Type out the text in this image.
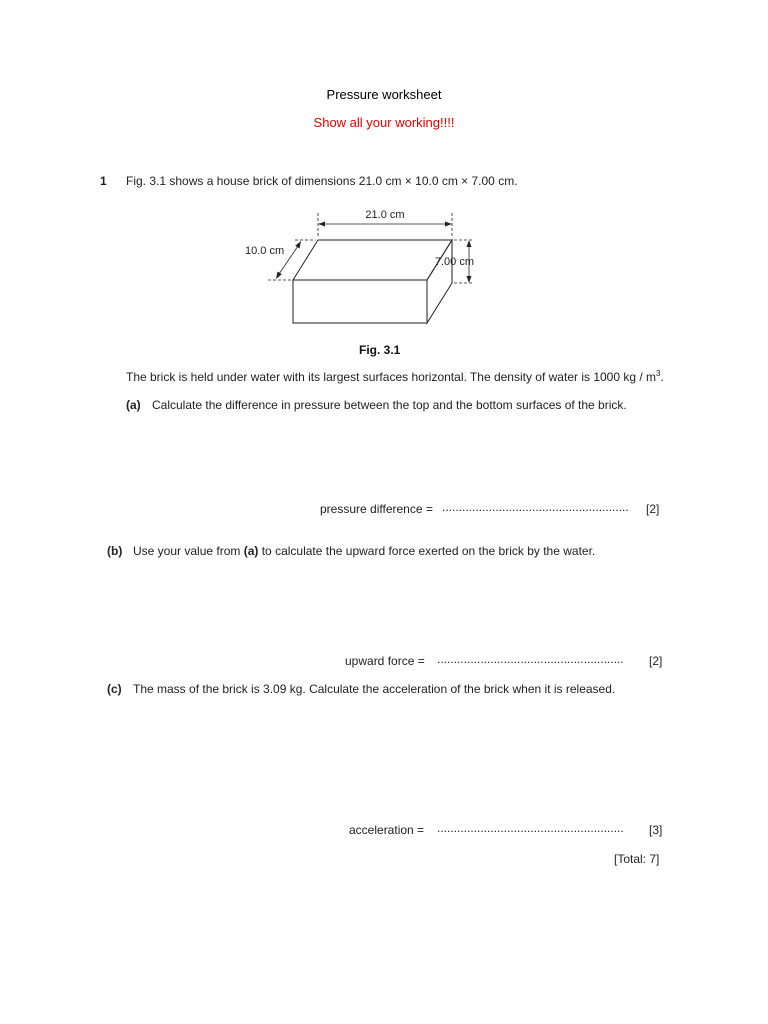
Pressure worksheet
Show all your working!!!!
1 Fig. 3.1 shows a house brick of dimensions 21.0 cm × 10.0 cm × 7.00 cm.
21.0 cm
10.0 cm
7.00 cm
Fig. 3.1
The brick is held under water with its largest surfaces horizontal. The density of water is 1000 kg / $m^3$.
(a) Calculate the difference in pressure between the top and the bottom surfaces of the brick.
pressure difference = ........................................................ [2]
(b) Use your value from (a) to calculate the upward force exerted on the brick by the water.
upward force = ........................................................ [2]
(c) The mass of the brick is 3.09 kg. Calculate the acceleration of the brick when it is released.
acceleration = ........................................................ [3]
[Total: 7]
